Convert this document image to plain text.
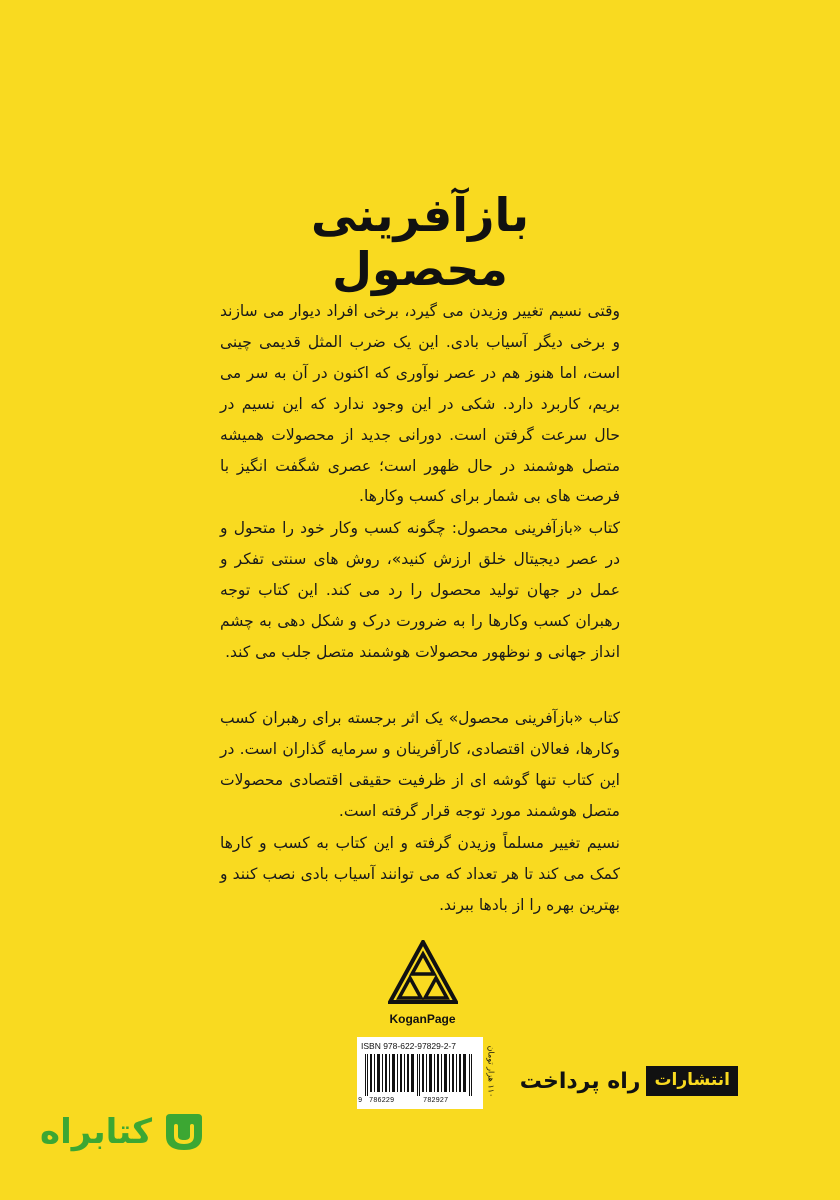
بازآفرینی
محصول
وقتی نسیم تغییر وزیدن می گیرد، برخی افراد دیوار می سازند و برخی دیگر آسیاب بادی. این یک ضرب المثل قدیمی چینی است، اما هنوز هم در عصر نوآوری که اکنون در آن به سر می بریم، کاربرد دارد. شکی در این وجود ندارد که این نسیم در حال سرعت گرفتن است. دورانی جدید از محصولات همیشه متصل هوشمند در حال ظهور است؛ عصری شگفت انگیز با فرصت های بی شمار برای کسب وکارها.
کتاب «بازآفرینی محصول: چگونه کسب وکار خود را متحول و در عصر دیجیتال خلق ارزش کنید»، روش های سنتی تفکر و عمل در جهان تولید محصول را رد می کند. این کتاب توجه رهبران کسب وکارها را به ضرورت درک و شکل دهی به چشم انداز جهانی و نوظهور محصولات هوشمند متصل جلب می کند.
کتاب «بازآفرینی محصول» یک اثر برجسته برای رهبران کسب وکارها، فعالان اقتصادی، کارآفرینان و سرمایه گذاران است. در این کتاب تنها گوشه ای از ظرفیت حقیقی اقتصادی محصولات متصل هوشمند مورد توجه قرار گرفته است.
نسیم تغییر مسلماً وزیدن گرفته و این کتاب به کسب و کارها کمک می کند تا هر تعداد که می توانند آسیاب بادی نصب کنند و بهترین بهره را از بادها ببرند.
KoganPage
ISBN 978-622-97829-2-7
9 786229	782927
۱۱۰ هزار تومان
انتشارات
راه پرداخت
کتابراه
